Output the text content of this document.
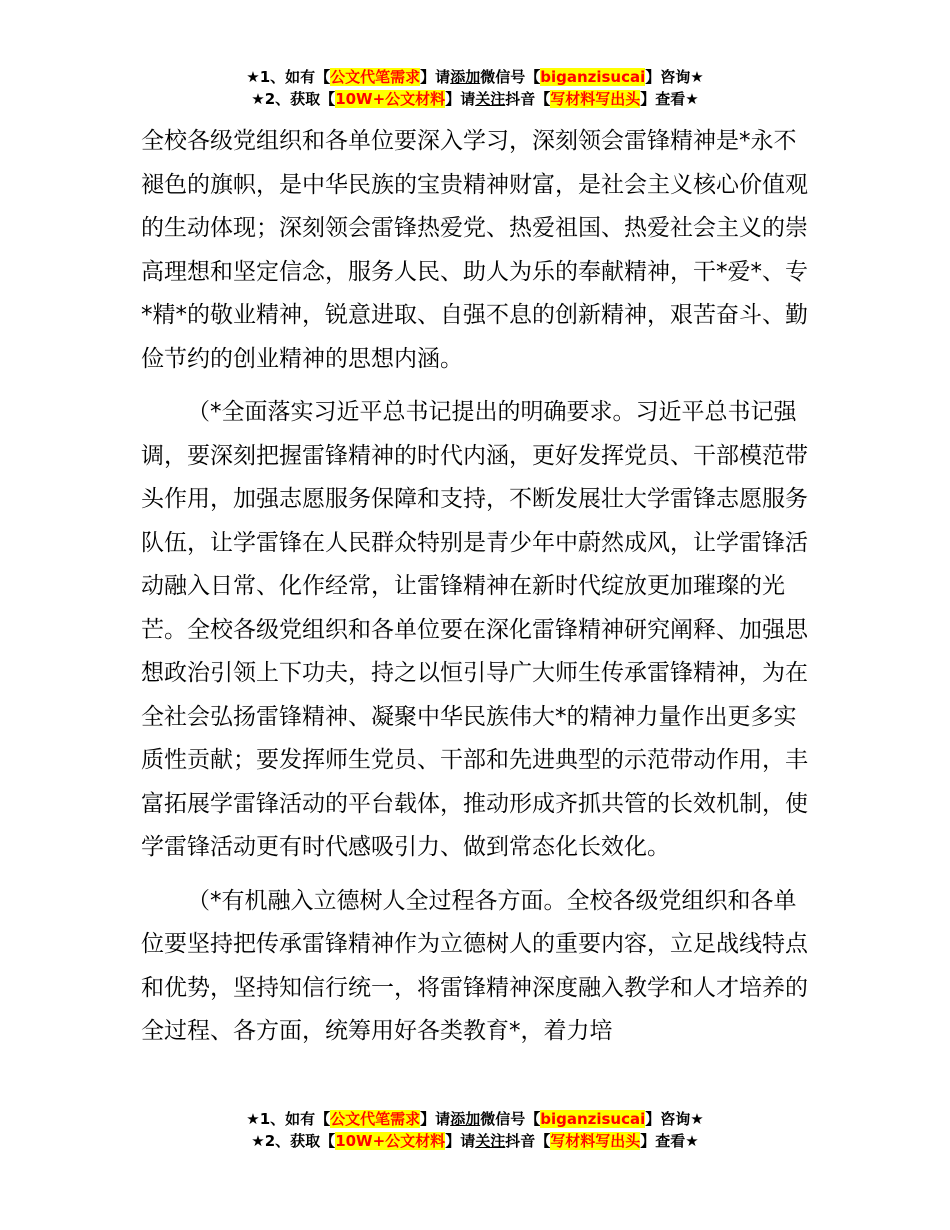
★1、如有【公文代笔需求】请添加微信号【biganzisucai】咨询★
★2、获取【10W+公文材料】请关注抖音【写材料写出头】查看★

全校各级党组织和各单位要深入学习，深刻领会雷锋精神是*永不褪色的旗帜，是中华民族的宝贵精神财富，是社会主义核心价值观的生动体现；深刻领会雷锋热爱党、热爱祖国、热爱社会主义的崇高理想和坚定信念，服务人民、助人为乐的奉献精神，干*爱*、专*精*的敬业精神，锐意进取、自强不息的创新精神，艰苦奋斗、勤俭节约的创业精神的思想内涵。

（*全面落实习近平总书记提出的明确要求。习近平总书记强调，要深刻把握雷锋精神的时代内涵，更好发挥党员、干部模范带头作用，加强志愿服务保障和支持，不断发展壮大学雷锋志愿服务队伍，让学雷锋在人民群众特别是青少年中蔚然成风，让学雷锋活动融入日常、化作经常，让雷锋精神在新时代绽放更加璀璨的光芒。全校各级党组织和各单位要在深化雷锋精神研究阐释、加强思想政治引领上下功夫，持之以恒引导广大师生传承雷锋精神，为在全社会弘扬雷锋精神、凝聚中华民族伟大*的精神力量作出更多实质性贡献；要发挥师生党员、干部和先进典型的示范带动作用，丰富拓展学雷锋活动的平台载体，推动形成齐抓共管的长效机制，使学雷锋活动更有时代感吸引力、做到常态化长效化。

（*有机融入立德树人全过程各方面。全校各级党组织和各单位要坚持把传承雷锋精神作为立德树人的重要内容，立足战线特点和优势，坚持知信行统一，将雷锋精神深度融入教学和人才培养的全过程、各方面，统筹用好各类教育*，着力培

★1、如有【公文代笔需求】请添加微信号【biganzisucai】咨询★
★2、获取【10W+公文材料】请关注抖音【写材料写出头】查看★
